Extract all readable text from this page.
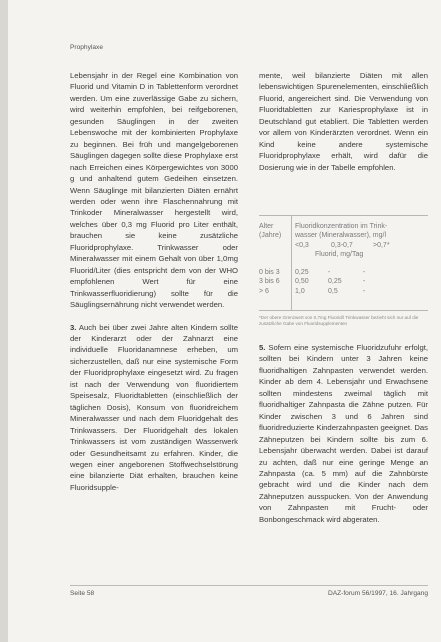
Prophylaxe

Lebensjahr in der Regel eine Kombination von Fluorid und Vitamin D in Tablettenform verordnet werden. Um eine zuverlässige Gabe zu sichern, wird weiterhin empfohlen, bei reifgeborenen, gesunden Säuglingen in der zweiten Lebenswoche mit der kombinierten Prophylaxe zu beginnen. Bei früh und mangelgeborenen Säuglingen dagegen sollte diese Prophylaxe erst nach Erreichen eines Körpergewichtes von 3000 g und anhaltend gutem Gedeihen einsetzen. Wenn Säuglinge mit bilanzierten Diäten ernährt werden oder wenn ihre Flaschennahrung mit Trinkoder Mineralwasser hergestellt wird, welches über 0,3 mg Fluorid pro Liter enthält, brauchen sie keine zusätzliche Fluoridprophylaxe. Trinkwasser oder Mineralwasser mit einem Gehalt von über 1,0mg Fluorid/Liter (dies entspricht dem von der WHO empfohlenen Wert für eine Trinkwasserfluoridierung) sollte für die Säuglingsernährung nicht verwendet werden.

3. Auch bei über zwei Jahre alten Kindern sollte der Kinderarzt oder der Zahnarzt eine individuelle Fluoridanamnese erheben, um sicherzustellen, daß nur eine systemische Form der Fluoridprophylaxe eingesetzt wird. Zu fragen ist nach der Verwendung von fluoridiertem Speisesalz, Fluoridtabletten (einschließlich der täglichen Dosis), Konsum von fluoridreichem Mineralwasser und nach dem Fluoridgehalt des Trinkwassers. Der Fluoridgehalt des lokalen Trinkwassers ist vom zuständigen Wasserwerk oder Gesundheitsamt zu erfahren. Kinder, die wegen einer angeborenen Stoffwechselstörung eine bilanzierte Diät erhalten, brauchen keine Fluoridsupple-

mente, weil bilanzierte Diäten mit allen lebenswichtigen Spurenelementen, einschließlich Fluorid, angereichert sind. Die Verwendung von Fluoridtabletten zur Kariesprophylaxe ist in Deutschland gut etabliert. Die Tabletten werden vor allem von Kinderärzten verordnet. Wenn ein Kind keine andere systemische Fluoridprophylaxe erhält, wird dafür die Dosierung wie in der Tabelle empfohlen.

Alter
(Jahre)
Fluoridkonzentration im Trink-
wasser (Mineralwasser), mg/l
<0,3	0,3-0,7	>0,7*
Fluorid, mg/Tag
0 bis 3	0,25	-	-
3 bis 6	0,50	0,25	-
> 6	1,0	0,5	-
*Der obere Grenzwert von 0,7mg Fluorid/l Trinkwasser bezieht sich nur auf die zusätzliche Gabe von Fluoridsupplementen

5. Sofern eine systemische Fluoridzufuhr erfolgt, sollten bei Kindern unter 3 Jahren keine fluoridhaltigen Zahnpasten verwendet werden. Kinder ab dem 4. Lebensjahr und Erwachsene sollten mindestens zweimal täglich mit fluoridhaltiger Zahnpasta die Zähne putzen. Für Kinder zwischen 3 und 6 Jahren sind fluoridreduzierte Kinderzahnpasten geeignet. Das Zähneputzen bei Kindern sollte bis zum 6. Lebensjahr überwacht werden. Dabei ist darauf zu achten, daß nur eine geringe Menge an Zahnpasta (ca. 5 mm) auf die Zahnbürste gebracht wird und die Kinder nach dem Zähneputzen ausspucken. Von der Anwendung von Zahnpasten mit Frucht- oder Bonbongeschmack wird abgeraten.

Seite 58	DAZ-forum 56/1997, 16. Jahrgang
